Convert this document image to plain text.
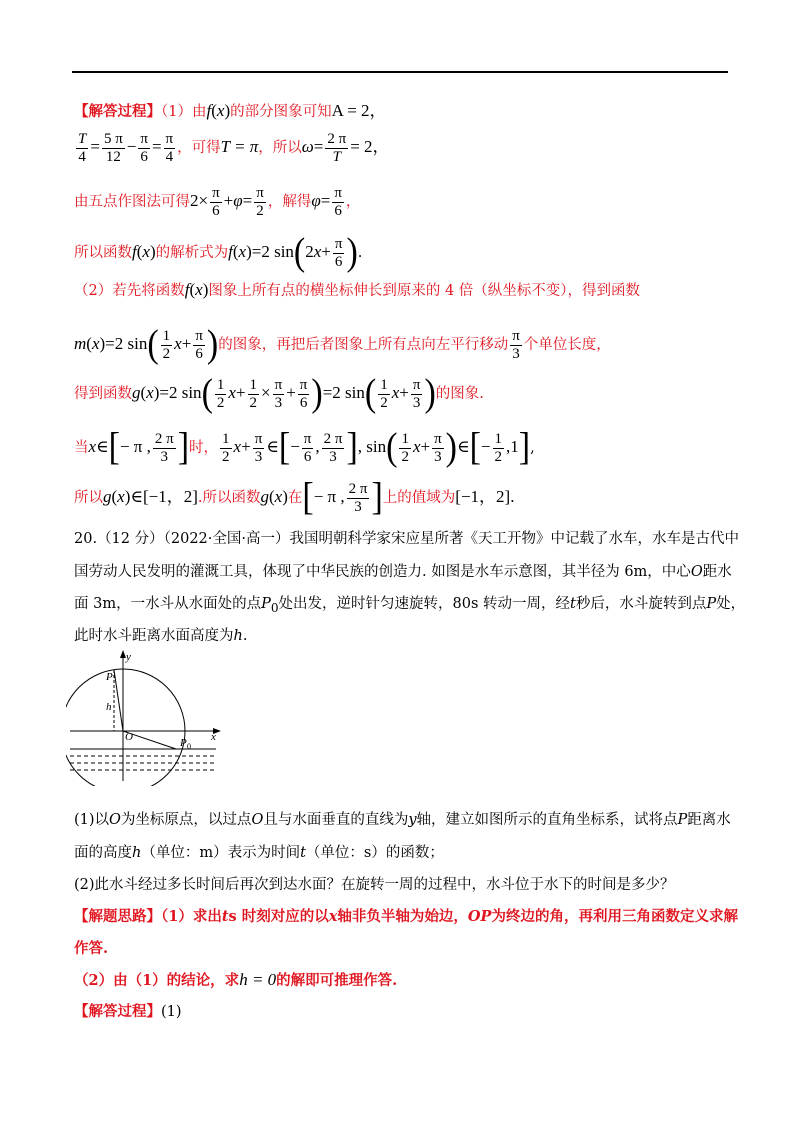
【解答过程】（1）由f(x)的部分图象可知A = 2，
$\frac{T}{4} = \frac{5 \pi}{12} - \frac{\pi}{6} = \frac{\pi}{4}$ ，可得T = π，所以$\omega= \frac{2 \pi}{T} = 2$，
由五点作图法可得$2\times \frac{\pi}{6} +\varphi= \frac{\pi}{2}$ ，解得$\varphi= \frac{\pi}{6}$ ，
所以函数f(x)的解析式为f(x)=2 $\sin(2x+ \frac{\pi}{6}$ ).
（2）若先将函数f(x)图象上所有点的横坐标伸长到原来的 4 倍（纵坐标不变），得到函数
m(x)=2 $\sin( \frac{1}{2} x+ \frac{\pi}{6}$ )的图象，再把后者图象上所有点向左平行移动 $\frac{\pi}{3}$ 个单位长度，
得到函数g(x)=2 $\sin( \frac{1}{2} x+ \frac{1}{2} \times \frac{\pi}{3} + \frac{\pi}{6} )=2$ $\sin( \frac{1}{2} x+ \frac{\pi}{3}$ )的图象.
当x∈[− π , $\frac{2 \pi}{3}$ ]时， $\frac{1}{2} x+ \frac{\pi}{3}$ ∈[− $\frac{\pi}{6}$ , $\frac{2 \pi}{3}$ ], $\sin( \frac{1}{2} x+ \frac{\pi}{3}$ )∈[− $\frac{1}{2} ,1$],
所以g(x)∈[−1，2].所以函数g(x)在[− π , $\frac{2 \pi}{3}$ ]上的值域为[−1，2].
20.（12 分）（2022·全国·高一）我国明朝科学家宋应星所著《天工开物》中记载了水车，水车是古代中
国劳动人民发明的灌溉工具，体现了中华民族的创造力. 如图是水车示意图，其半径为 6m，中心O距水
面 3m，一水斗从水面处的点$P_0$处出发，逆时针匀速旋转，80s 转动一周，经t秒后，水斗旋转到点P处，
此时水斗距离水面高度为h.
y
x
P
O
h
P 0
(1)以O为坐标原点，以过点O且与水面垂直的直线为y轴，建立如图所示的直角坐标系，试将点P距离水
面的高度h（单位：m）表示为时间t（单位：s）的函数；
(2)此水斗经过多长时间后再次到达水面？在旋转一周的过程中，水斗位于水下的时间是多少？
【解题思路】（1）求出ts 时刻对应的以x轴非负半轴为始边，OP为终边的角，再利用三角函数定义求解
作答.
（2）由（1）的结论，求h = 0的解即可推理作答.
【解答过程】(1)
